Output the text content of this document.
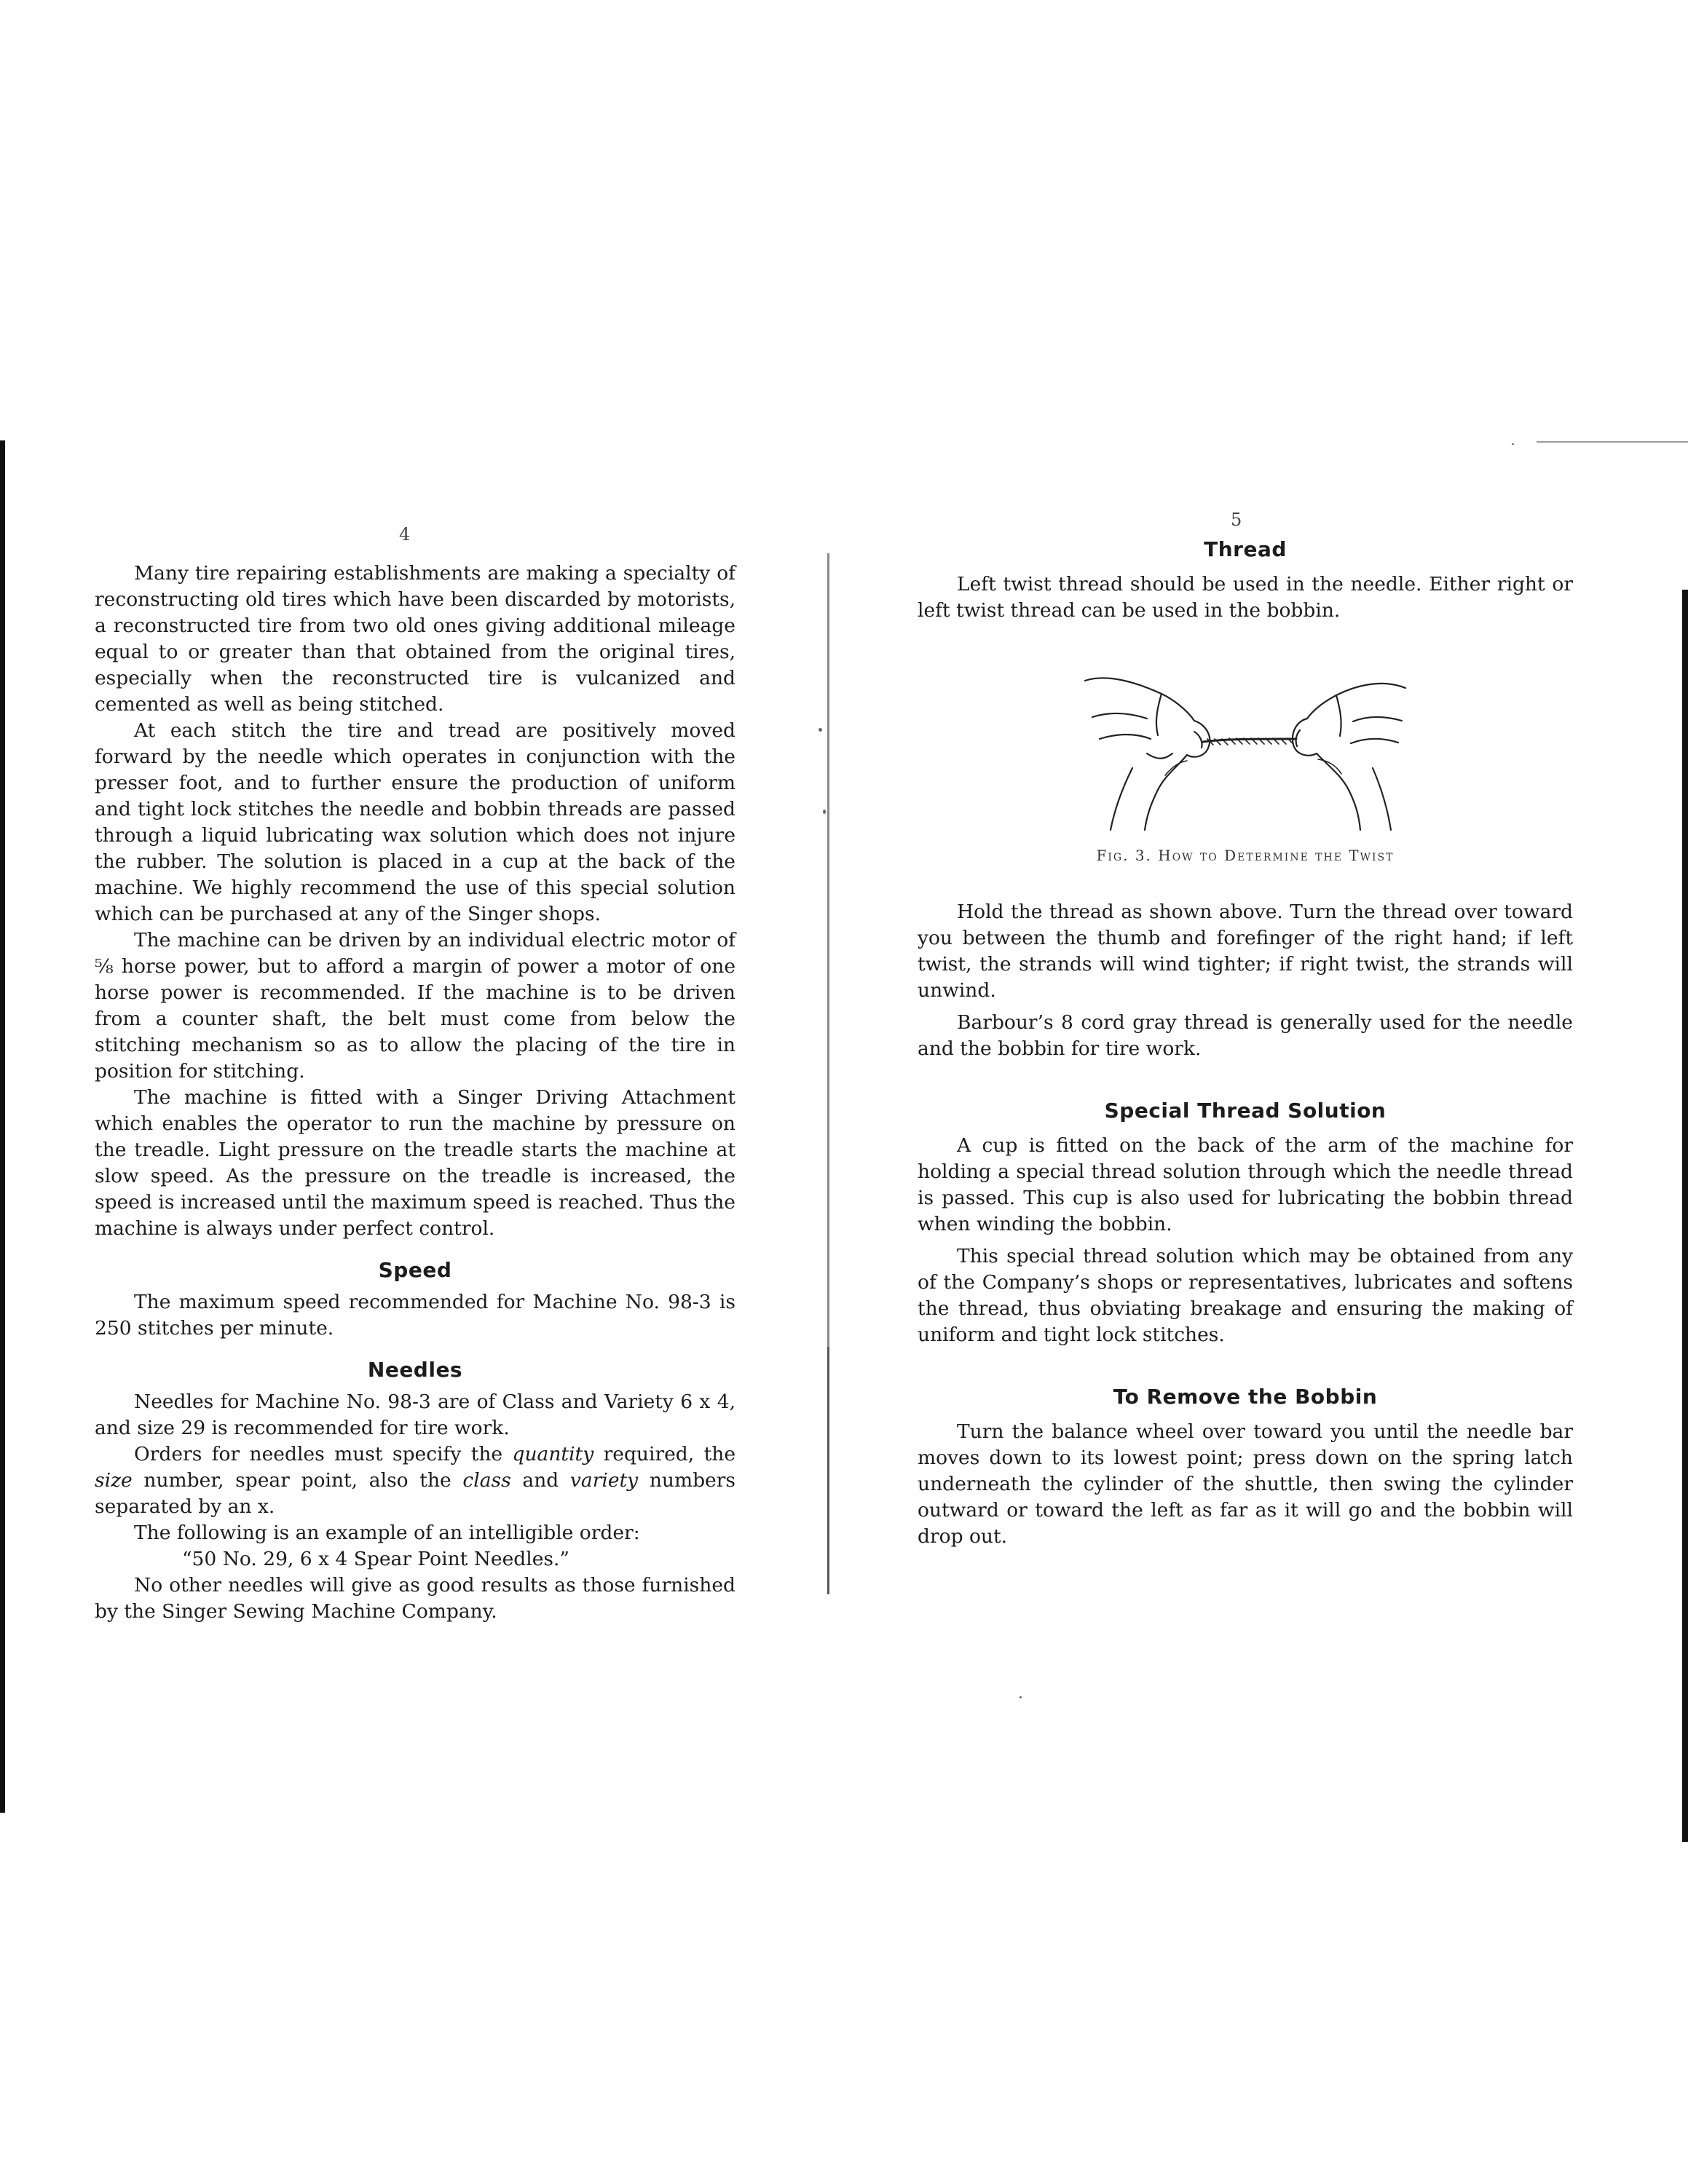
4

Many tire repairing establishments are making a specialty of reconstructing old tires which have been discarded by motorists, a reconstructed tire from two old ones giving additional mileage equal to or greater than that obtained from the original tires, especially when the reconstructed tire is vulcanized and cemented as well as being stitched.

At each stitch the tire and tread are positively moved forward by the needle which operates in conjunction with the presser foot, and to further ensure the production of uniform and tight lock stitches the needle and bobbin threads are passed through a liquid lubricating wax solution which does not injure the rubber. The solution is placed in a cup at the back of the machine. We highly recommend the use of this special solution which can be purchased at any of the Singer shops.

The machine can be driven by an individual electric motor of ⅝ horse power, but to afford a margin of power a motor of one horse power is recommended. If the machine is to be driven from a counter shaft, the belt must come from below the stitching mechanism so as to allow the placing of the tire in position for stitching.

The machine is fitted with a Singer Driving Attachment which enables the operator to run the machine by pressure on the treadle. Light pressure on the treadle starts the machine at slow speed. As the pressure on the treadle is increased, the speed is increased until the maximum speed is reached. Thus the machine is always under perfect control.

Speed

The maximum speed recommended for Machine No. 98-3 is 250 stitches per minute.

Needles

Needles for Machine No. 98-3 are of Class and Variety 6 x 4, and size 29 is recommended for tire work.

Orders for needles must specify the quantity required, the size number, spear point, also the class and variety numbers separated by an x.

The following is an example of an intelligible order:

“50 No. 29, 6 x 4 Spear Point Needles.”

No other needles will give as good results as those furnished by the Singer Sewing Machine Company.

5
Thread

Left twist thread should be used in the needle. Either right or left twist thread can be used in the bobbin.

Fig. 3. How to Determine the Twist

Hold the thread as shown above. Turn the thread over toward you between the thumb and forefinger of the right hand; if left twist, the strands will wind tighter; if right twist, the strands will unwind.

Barbour’s 8 cord gray thread is generally used for the needle and the bobbin for tire work.

Special Thread Solution

A cup is fitted on the back of the arm of the machine for holding a special thread solution through which the needle thread is passed. This cup is also used for lubricating the bobbin thread when winding the bobbin.

This special thread solution which may be obtained from any of the Company’s shops or representatives, lubricates and softens the thread, thus obviating breakage and ensuring the making of uniform and tight lock stitches.

To Remove the Bobbin

Turn the balance wheel over toward you until the needle bar moves down to its lowest point; press down on the spring latch underneath the cylinder of the shuttle, then swing the cylinder outward or toward the left as far as it will go and the bobbin will drop out.
